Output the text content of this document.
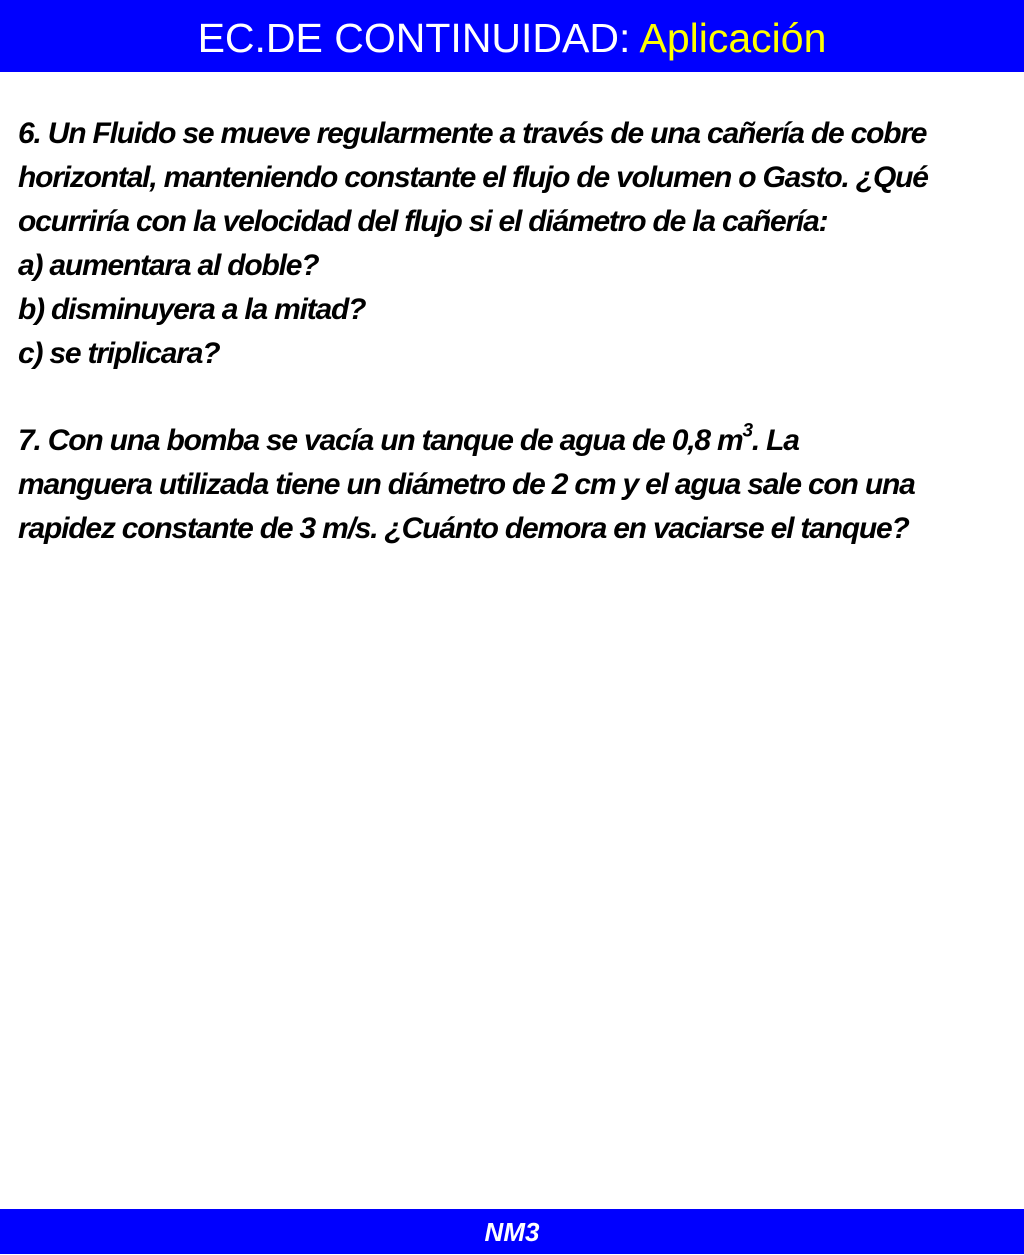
EC.DE CONTINUIDAD: Aplicación
6. Un Fluido se mueve regularmente a través de una cañería de cobre
horizontal, manteniendo constante el flujo de volumen o Gasto. ¿Qué
ocurriría con la velocidad del flujo si el diámetro de la cañería:
a) aumentara al doble?
b) disminuyera a la mitad?
c) se triplicara?
7. Con una bomba se vacía un tanque de agua de 0,8 $m^3$. La
manguera utilizada tiene un diámetro de 2 cm y el agua sale con una
rapidez constante de 3 m/s. ¿Cuánto demora en vaciarse el tanque?
NM3
